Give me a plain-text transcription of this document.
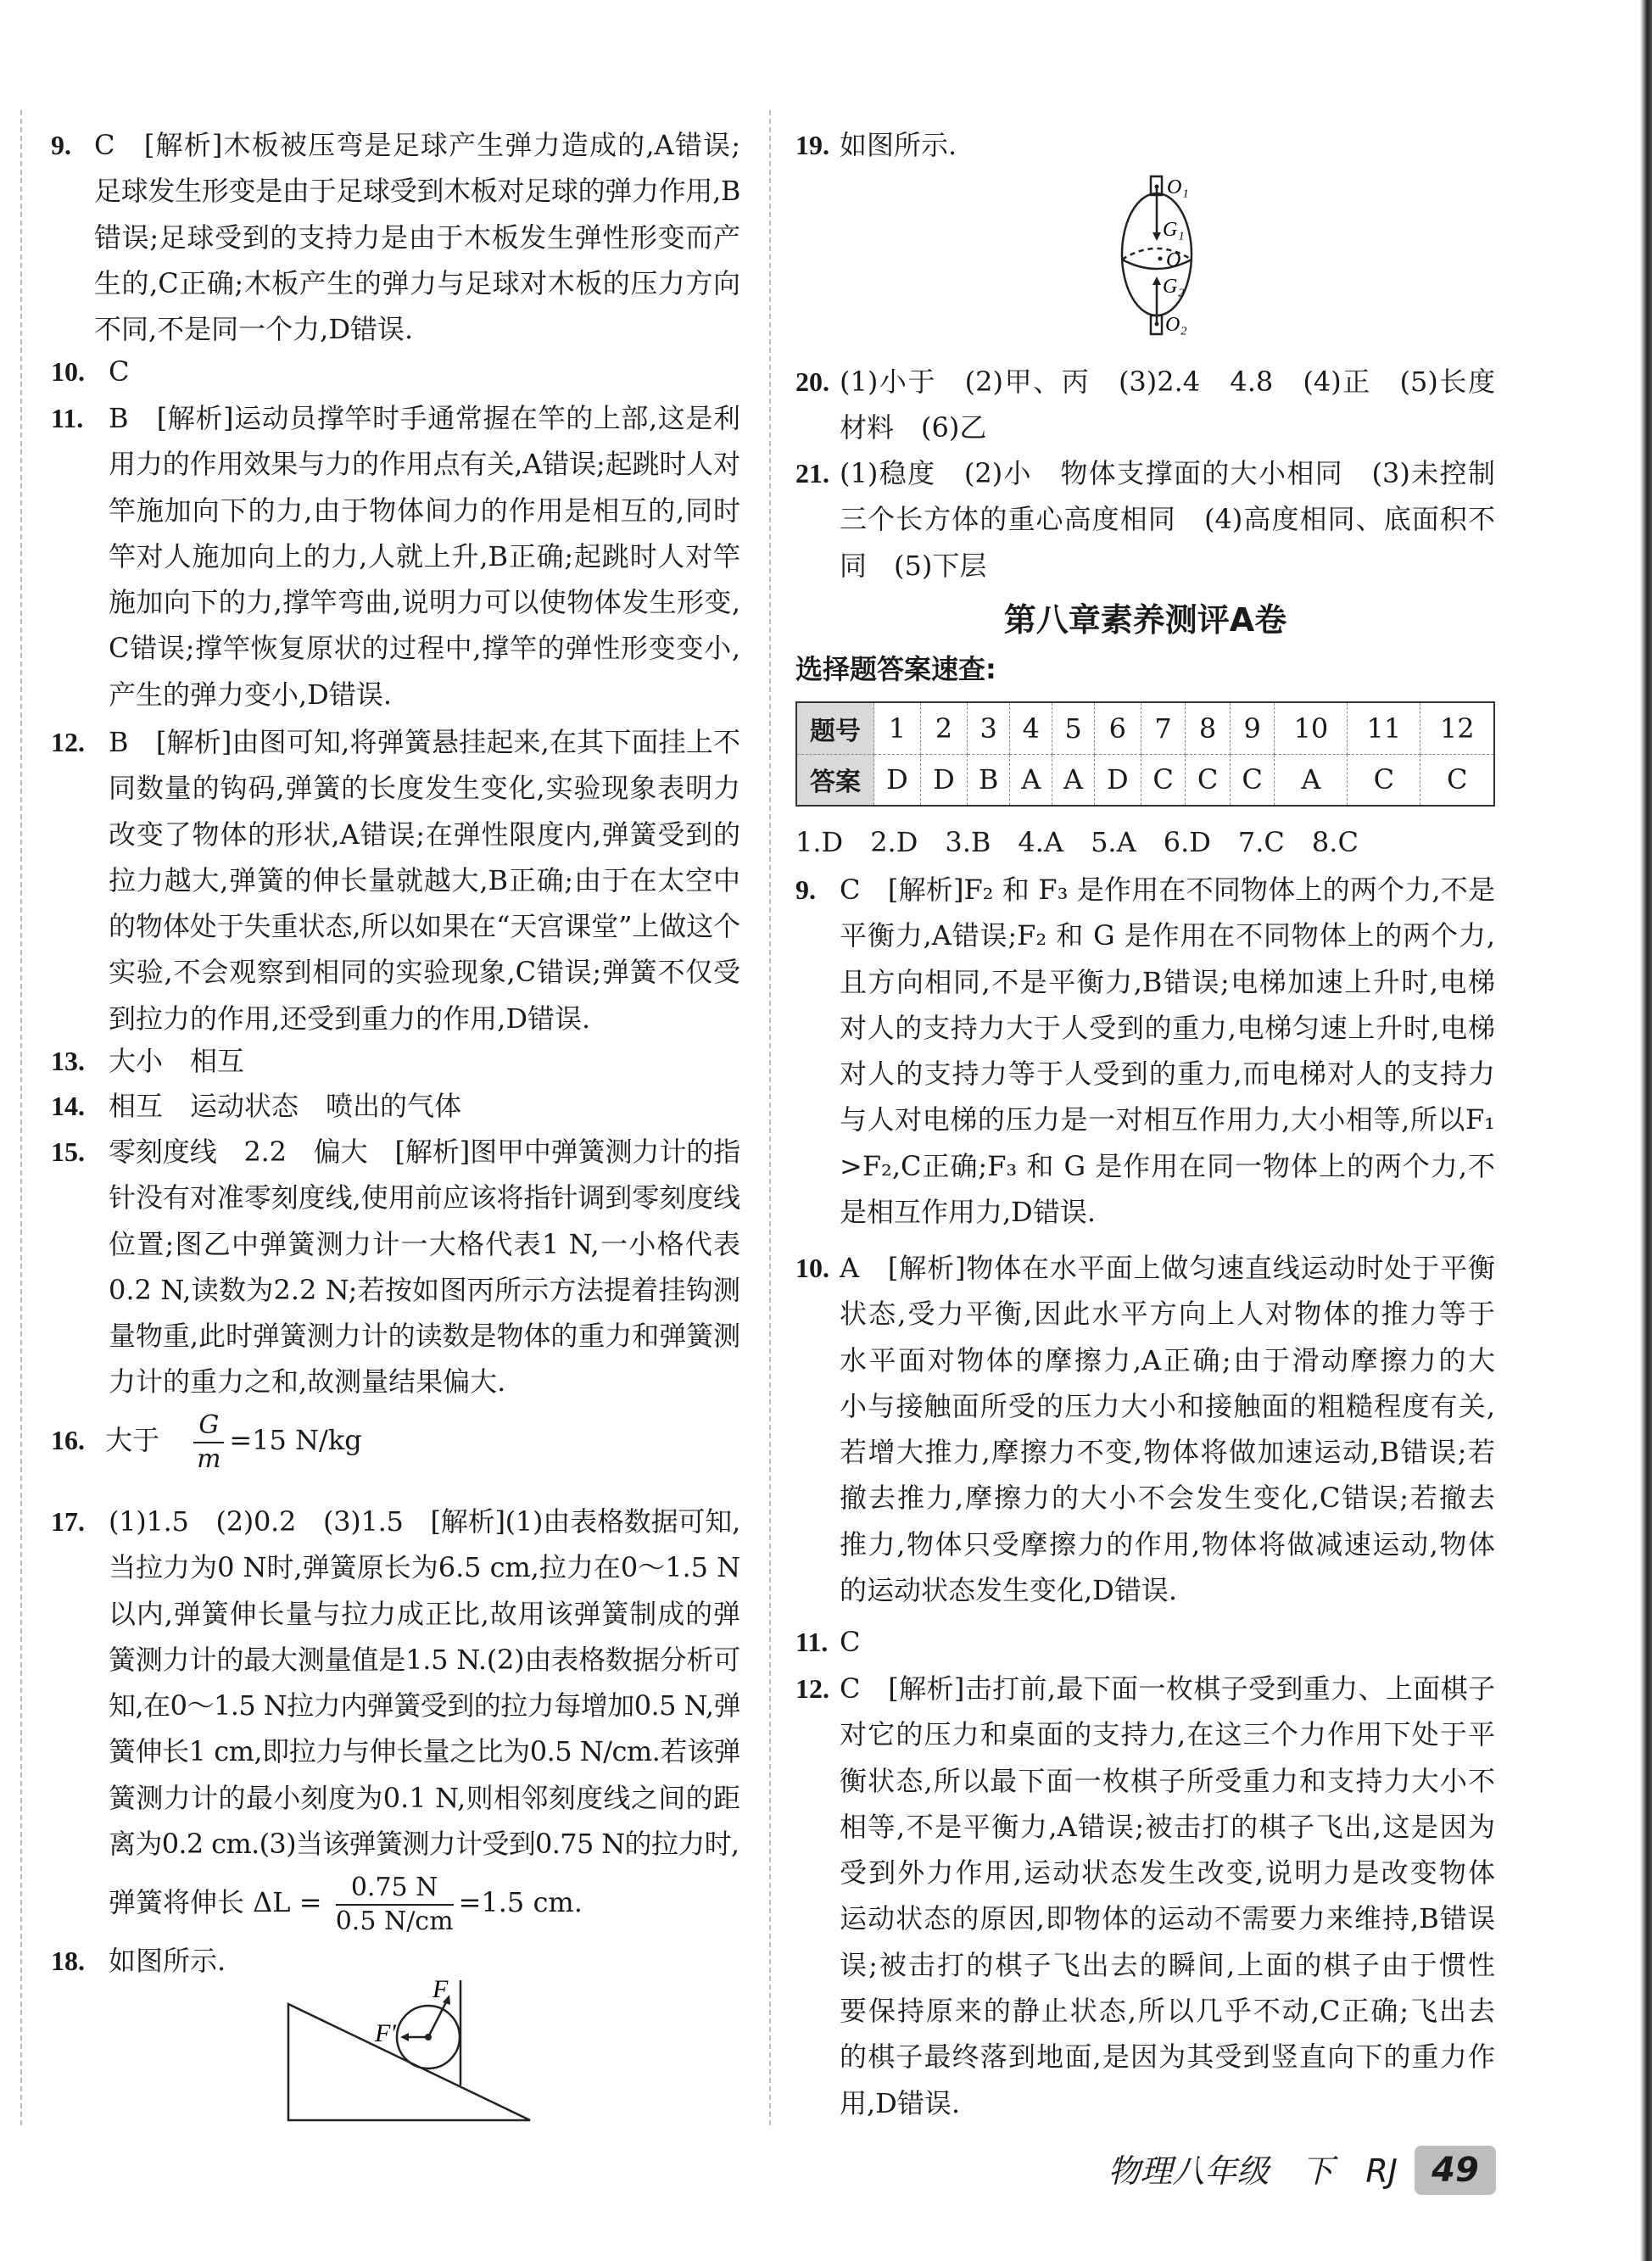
9. C　[解析]木板被压弯是足球产生弹力造成的,A错误;
足球发生形变是由于足球受到木板对足球的弹力作用,B
错误;足球受到的支持力是由于木板发生弹性形变而产
生的,C正确;木板产生的弹力与足球对木板的压力方向
不同,不是同一个力,D错误.
10. C
11. B　[解析]运动员撑竿时手通常握在竿的上部,这是利
用力的作用效果与力的作用点有关,A错误;起跳时人对
竿施加向下的力,由于物体间力的作用是相互的,同时
竿对人施加向上的力,人就上升,B正确;起跳时人对竿
施加向下的力,撑竿弯曲,说明力可以使物体发生形变,
C错误;撑竿恢复原状的过程中,撑竿的弹性形变变小,
产生的弹力变小,D错误.
12. B　[解析]由图可知,将弹簧悬挂起来,在其下面挂上不
同数量的钩码,弹簧的长度发生变化,实验现象表明力
改变了物体的形状,A错误;在弹性限度内,弹簧受到的
拉力越大,弹簧的伸长量就越大,B正确;由于在太空中
的物体处于失重状态,所以如果在“天宫课堂”上做这个
实验,不会观察到相同的实验现象,C错误;弹簧不仅受
到拉力的作用,还受到重力的作用,D错误.
13. 大小　相互
14. 相互　运动状态　喷出的气体
15. 零刻度线　2.2　偏大　[解析]图甲中弹簧测力计的指
针没有对准零刻度线,使用前应该将指针调到零刻度线
位置;图乙中弹簧测力计一大格代表1 N,一小格代表
0.2 N,读数为2.2 N;若按如图丙所示方法提着挂钩测
量物重,此时弹簧测力计的读数是物体的重力和弹簧测
力计的重力之和,故测量结果偏大.
17. (1)1.5　(2)0.2　(3)1.5　[解析](1)由表格数据可知,
当拉力为0 N时,弹簧原长为6.5 cm,拉力在0～1.5 N
以内,弹簧伸长量与拉力成正比,故用该弹簧制成的弹
簧测力计的最大测量值是1.5 N.(2)由表格数据分析可
知,在0～1.5 N拉力内弹簧受到的拉力每增加0.5 N,弹
簧伸长1 cm,即拉力与伸长量之比为0.5 N/cm.若该弹
簧测力计的最小刻度为0.1 N,则相邻刻度线之间的距
离为0.2 cm.(3)当该弹簧测力计受到0.75 N的拉力时,
18. 如图所示.
19. 如图所示.
20. (1)小于　(2)甲、丙　(3)2.4　4.8　(4)正　(5)长度
材料　(6)乙
21. (1)稳度　(2)小　物体支撑面的大小相同　(3)未控制
三个长方体的重心高度相同　(4)高度相同、底面积不
同　(5)下层
9. C　[解析]F₂ 和 F₃ 是作用在不同物体上的两个力,不是
平衡力,A错误;F₂ 和 G 是作用在不同物体上的两个力,
且方向相同,不是平衡力,B错误;电梯加速上升时,电梯
对人的支持力大于人受到的重力,电梯匀速上升时,电梯
对人的支持力等于人受到的重力,而电梯对人的支持力
与人对电梯的压力是一对相互作用力,大小相等,所以F₁
>F₂,C正确;F₃ 和 G 是作用在同一物体上的两个力,不
是相互作用力,D错误.
10. A　[解析]物体在水平面上做匀速直线运动时处于平衡
状态,受力平衡,因此水平方向上人对物体的推力等于
水平面对物体的摩擦力,A正确;由于滑动摩擦力的大
小与接触面所受的压力大小和接触面的粗糙程度有关,
若增大推力,摩擦力不变,物体将做加速运动,B错误;若
撤去推力,摩擦力的大小不会发生变化,C错误;若撤去
推力,物体只受摩擦力的作用,物体将做减速运动,物体
的运动状态发生变化,D错误.
11. C
12. C　[解析]击打前,最下面一枚棋子受到重力、上面棋子
对它的压力和桌面的支持力,在这三个力作用下处于平
衡状态,所以最下面一枚棋子所受重力和支持力大小不
相等,不是平衡力,A错误;被击打的棋子飞出,这是因为
受到外力作用,运动状态发生改变,说明力是改变物体
运动状态的原因,即物体的运动不需要力来维持,B错误
误;被击打的棋子飞出去的瞬间,上面的棋子由于惯性
要保持原来的静止状态,所以几乎不动,C正确;飞出去
的棋子最终落到地面,是因为其受到竖直向下的重力作
用,D错误.
16. 大于 $\frac{G}{m} =15$ N/kg
弹簧将伸长 $\Delta L = \frac{0.75 N}{0.5 N/cm} =1.5$ cm.
F
F′
O₁
O₂
G₁
G₂
O
第八章素养测评A卷
选择题答案速查:
题号	1	2	3	4	5	6	7	8	9	10	11	12
答案	D	D	B	A	A	D	C	C	C	A	C	C
1.D　2.D　3.B　4.A　5.A　6.D　7.C　8.C
物理八年级　下　RJ	49
